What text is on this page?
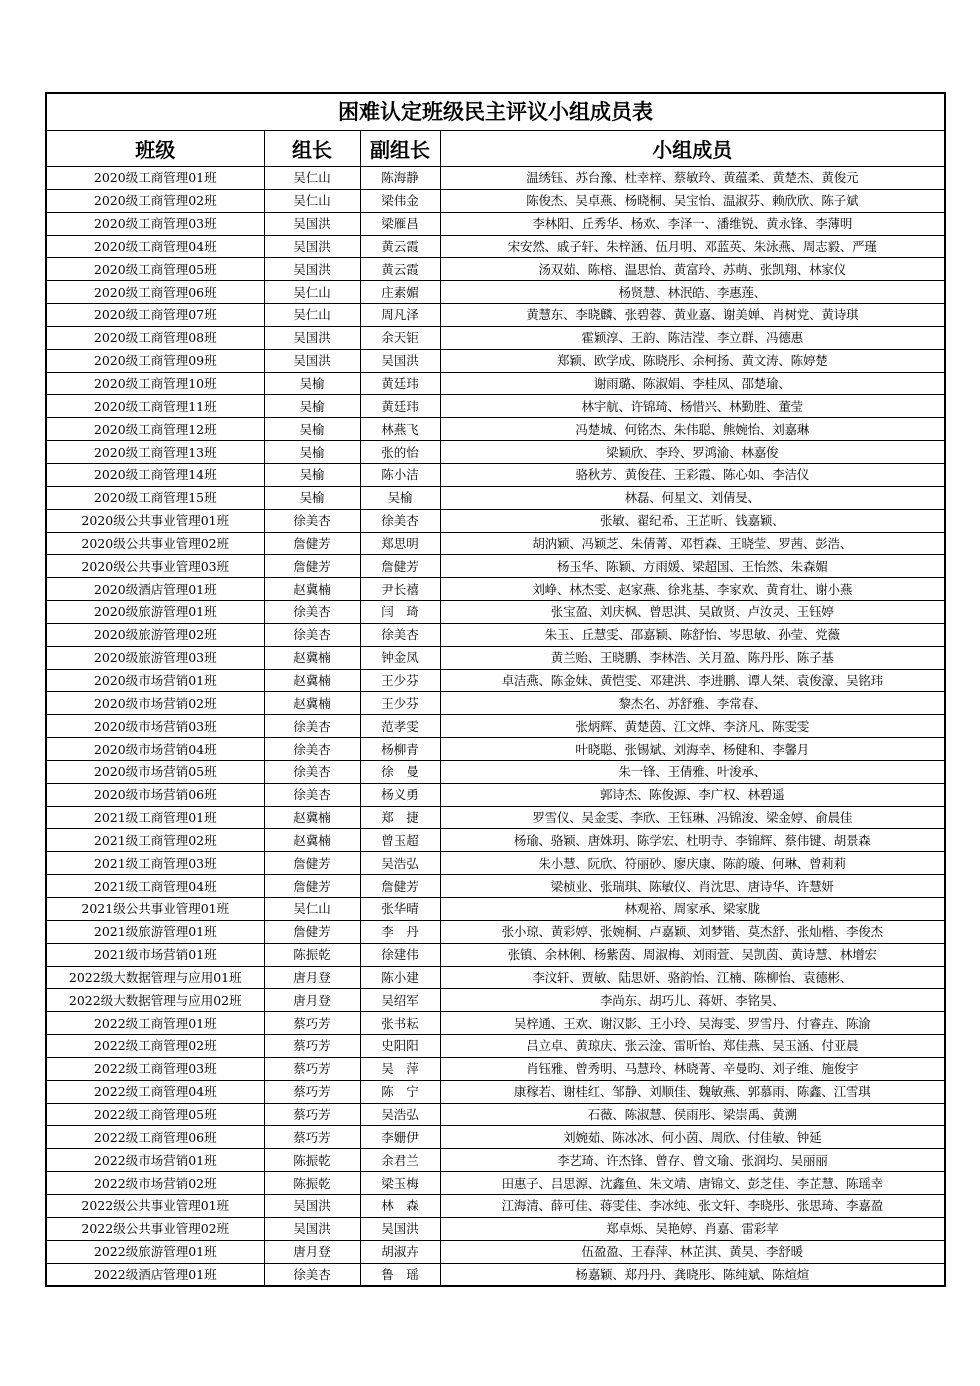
困难认定班级民主评议小组成员表			
班级	组长	副组长	小组成员
2020级工商管理01班	吴仁山	陈海静	温绣钰、苏台豫、杜幸梓、蔡敏玲、黄蕴柔、黄楚杰、黄俊元
2020级工商管理02班	吴仁山	梁伟金	陈俊杰、吴卓燕、杨晓桐、吴宝怡、温淑芬、赖欣欣、陈子斌
2020级工商管理03班	吴国洪	梁雁昌	李林阳、丘秀华、杨欢、李泽一、潘维锐、黄永锋、李薄明
2020级工商管理04班	吴国洪	黄云霞	宋安然、戚子轩、朱梓涵、伍月明、邓蓝英、朱泳燕、周志毅、严瑾
2020级工商管理05班	吴国洪	黄云霞	汤双茹、陈榕、温思怡、黄富玲、苏萌、张凯翔、林家仪
2020级工商管理06班	吴仁山	庄素媚	杨贤慧、林泯皓、李惠莲、
2020级工商管理07班	吴仁山	周凡泽	黄慧东、李晓麟、张碧蓉、黄业嘉、谢美婵、肖树党、黄诗琪
2020级工商管理08班	吴国洪	余天钜	霍颖淳、王韵、陈洁滢、李立群、冯德惠
2020级工商管理09班	吴国洪	吴国洪	郑颖、欧学成、陈晓彤、余柯扬、黄文涛、陈婷楚
2020级工商管理10班	吴榆	黄廷玮	谢雨璐、陈淑娟、李桂凤、邵楚瑜、
2020级工商管理11班	吴榆	黄廷玮	林宇航、许锦琦、杨惜兴、林勤胜、董莹
2020级工商管理12班	吴榆	林燕飞	冯楚城、何铭杰、朱伟聪、熊婉怡、刘嘉琳
2020级工商管理13班	吴榆	张的怡	梁颖欣、李玲、罗鸿渝、林嘉俊
2020级工商管理14班	吴榆	陈小洁	骆秋芳、黄俊荏、王彩霞、陈心如、李洁仪
2020级工商管理15班	吴榆	吴榆	林磊、何星文、刘倩旻、
2020级公共事业管理01班	徐美杏	徐美杏	张敏、翟纪希、王芷昕、钱嘉颖、
2020级公共事业管理02班	詹健芳	郑思明	胡汭颖、冯颖芝、朱倩菁、邓哲森、王晓莹、罗茜、彭浩、
2020级公共事业管理03班	詹健芳	詹健芳	杨玉华、陈颖、方雨媛、梁超国、王怡然、朱森媚
2020级酒店管理01班	赵冀楠	尹长禧	刘峥、林杰雯、赵家燕、徐兆基、李家欢、黄育壮、谢小燕
2020级旅游管理01班	徐美杏	闫　琦	张宝盈、刘庆枫、曾思淇、吴啟贤、卢汝灵、王钰婷
2020级旅游管理02班	徐美杏	徐美杏	朱玉、丘慧雯、邵嘉颖、陈舒怡、岑思敏、孙莹、党薇
2020级旅游管理03班	赵冀楠	钟金凤	黄兰贻、王晓鹏、李林浩、关月盈、陈丹彤、陈子基
2020级市场营销01班	赵冀楠	王少芬	卓洁燕、陈金妹、黄恺雯、邓建洪、李进鹏、谭人桀、袁俊濠、吴铭玮
2020级市场营销02班	赵冀楠	王少芬	黎杰名、苏舒雅、李常春、
2020级市场营销03班	徐美杏	范孝雯	张炳辉、黄楚茵、江文烨、李济凡、陈雯雯
2020级市场营销04班	徐美杏	杨柳青	叶晓聪、张锡斌、刘海幸、杨健和、李馨月
2020级市场营销05班	徐美杏	徐　曼	朱一锋、王倩雅、叶浚承、
2020级市场营销06班	徐美杏	杨义勇	郭诗杰、陈俊源、李广权、林碧遥
2021级工商管理01班	赵冀楠	郑　捷	罗雪仪、吴金雯、李欣、王钰琳、冯锦浚、梁金婷、俞晨佳
2021级工商管理02班	赵冀楠	曾玉超	杨瑜、骆颖、唐姝玥、陈学宏、杜明寺、李锦辉、蔡伟键、胡景森
2021级工商管理03班	詹健芳	吴浩弘	朱小慧、阮欣、符丽砂、廖庆康、陈韵璇、何琳、曾莉莉
2021级工商管理04班	詹健芳	詹健芳	梁桢业、张瑞琪、陈敏仪、肖沈思、唐诗华、许慧妍
2021级公共事业管理01班	吴仁山	张华晴	林观裕、周家承、梁家胧
2021级旅游管理01班	詹健芳	李　丹	张小琼、黄彩婷、张婉桐、卢嘉颖、刘梦锴、莫杰舒、张灿楷、李俊杰
2021级市场营销01班	陈振乾	徐建伟	张镇、余林俐、杨紫茵、周淑梅、刘雨萱、吴凯茵、黄诗慧、林增宏
2022级大数据管理与应用01班	唐月登	陈小建	李汶轩、贾敏、陆思妍、骆韵怡、江楠、陈柳怡、袁德彬、
2022级大数据管理与应用02班	唐月登	吴绍军	李尚东、胡巧儿、蒋妍、李铭昊、
2022级工商管理01班	蔡巧芳	张书耘	吴梓通、王欢、谢汉影、王小玲、吴海雯、罗雪丹、付睿垚、陈渝
2022级工商管理02班	蔡巧芳	史阳阳	吕立卓、黄琼庆、张云淦、雷昕怡、郑佳燕、吴玉涵、付亚晨
2022级工商管理03班	蔡巧芳	吴　萍	肖钰雅、曾秀明、马慧玲、林晓菁、辛曼昀、刘子维、施俊宇
2022级工商管理04班	蔡巧芳	陈　宁	康稼若、谢桂红、邹静、刘顺佳、魏敏燕、郭慕雨、陈鑫、江雪琪
2022级工商管理05班	蔡巧芳	吴浩弘	石薇、陈淑慧、侯雨彤、梁崇禹、黄溯
2022级工商管理06班	蔡巧芳	李姗伊	刘婉茹、陈冰冰、何小茵、周欣、付佳敏、钟延
2022级市场营销01班	陈振乾	余君兰	李艺琦、许杰锋、曾存、曾文瑜、张润均、吴丽丽
2022级市场营销02班	陈振乾	梁玉梅	田惠子、吕思源、沈鑫鱼、朱文靖、唐锦文、彭芝佳、李芷慧、陈瑶幸
2022级公共事业管理01班	吴国洪	林　森	江海清、薛可佳、蒋雯佳、李冰纯、张文轩、李晓彤、张思琦、李嘉盈
2022级公共事业管理02班	吴国洪	吴国洪	郑卓烁、吴艳婷、肖嘉、雷彩苹
2022级旅游管理01班	唐月登	胡淑卉	伍盈盈、王春萍、林芷淇、黄昊、李舒暖
2022级酒店管理01班	徐美杏	鲁　瑶	杨嘉颖、郑丹丹、龚晓彤、陈纯斌、陈煊煊
